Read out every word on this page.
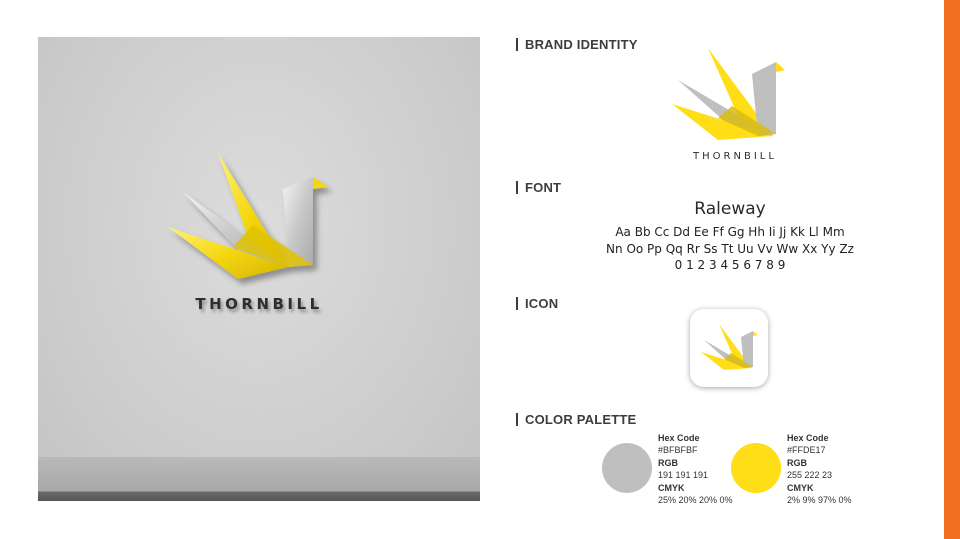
THORNBILL
BRAND IDENTITY
THORNBILL
FONT
Raleway
Aa Bb Cc Dd Ee Ff Gg Hh Ii Jj Kk Ll Mm
Nn Oo Pp Qq Rr Ss Tt Uu Vv Ww Xx Yy Zz
0 1 2 3 4 5 6 7 8 9
ICON
COLOR PALETTE
Hex Code
#BFBFBF
RGB
191 191 191
CMYK
25% 20% 20% 0%
Hex Code
#FFDE17
RGB
255 222 23
CMYK
2% 9% 97% 0%
